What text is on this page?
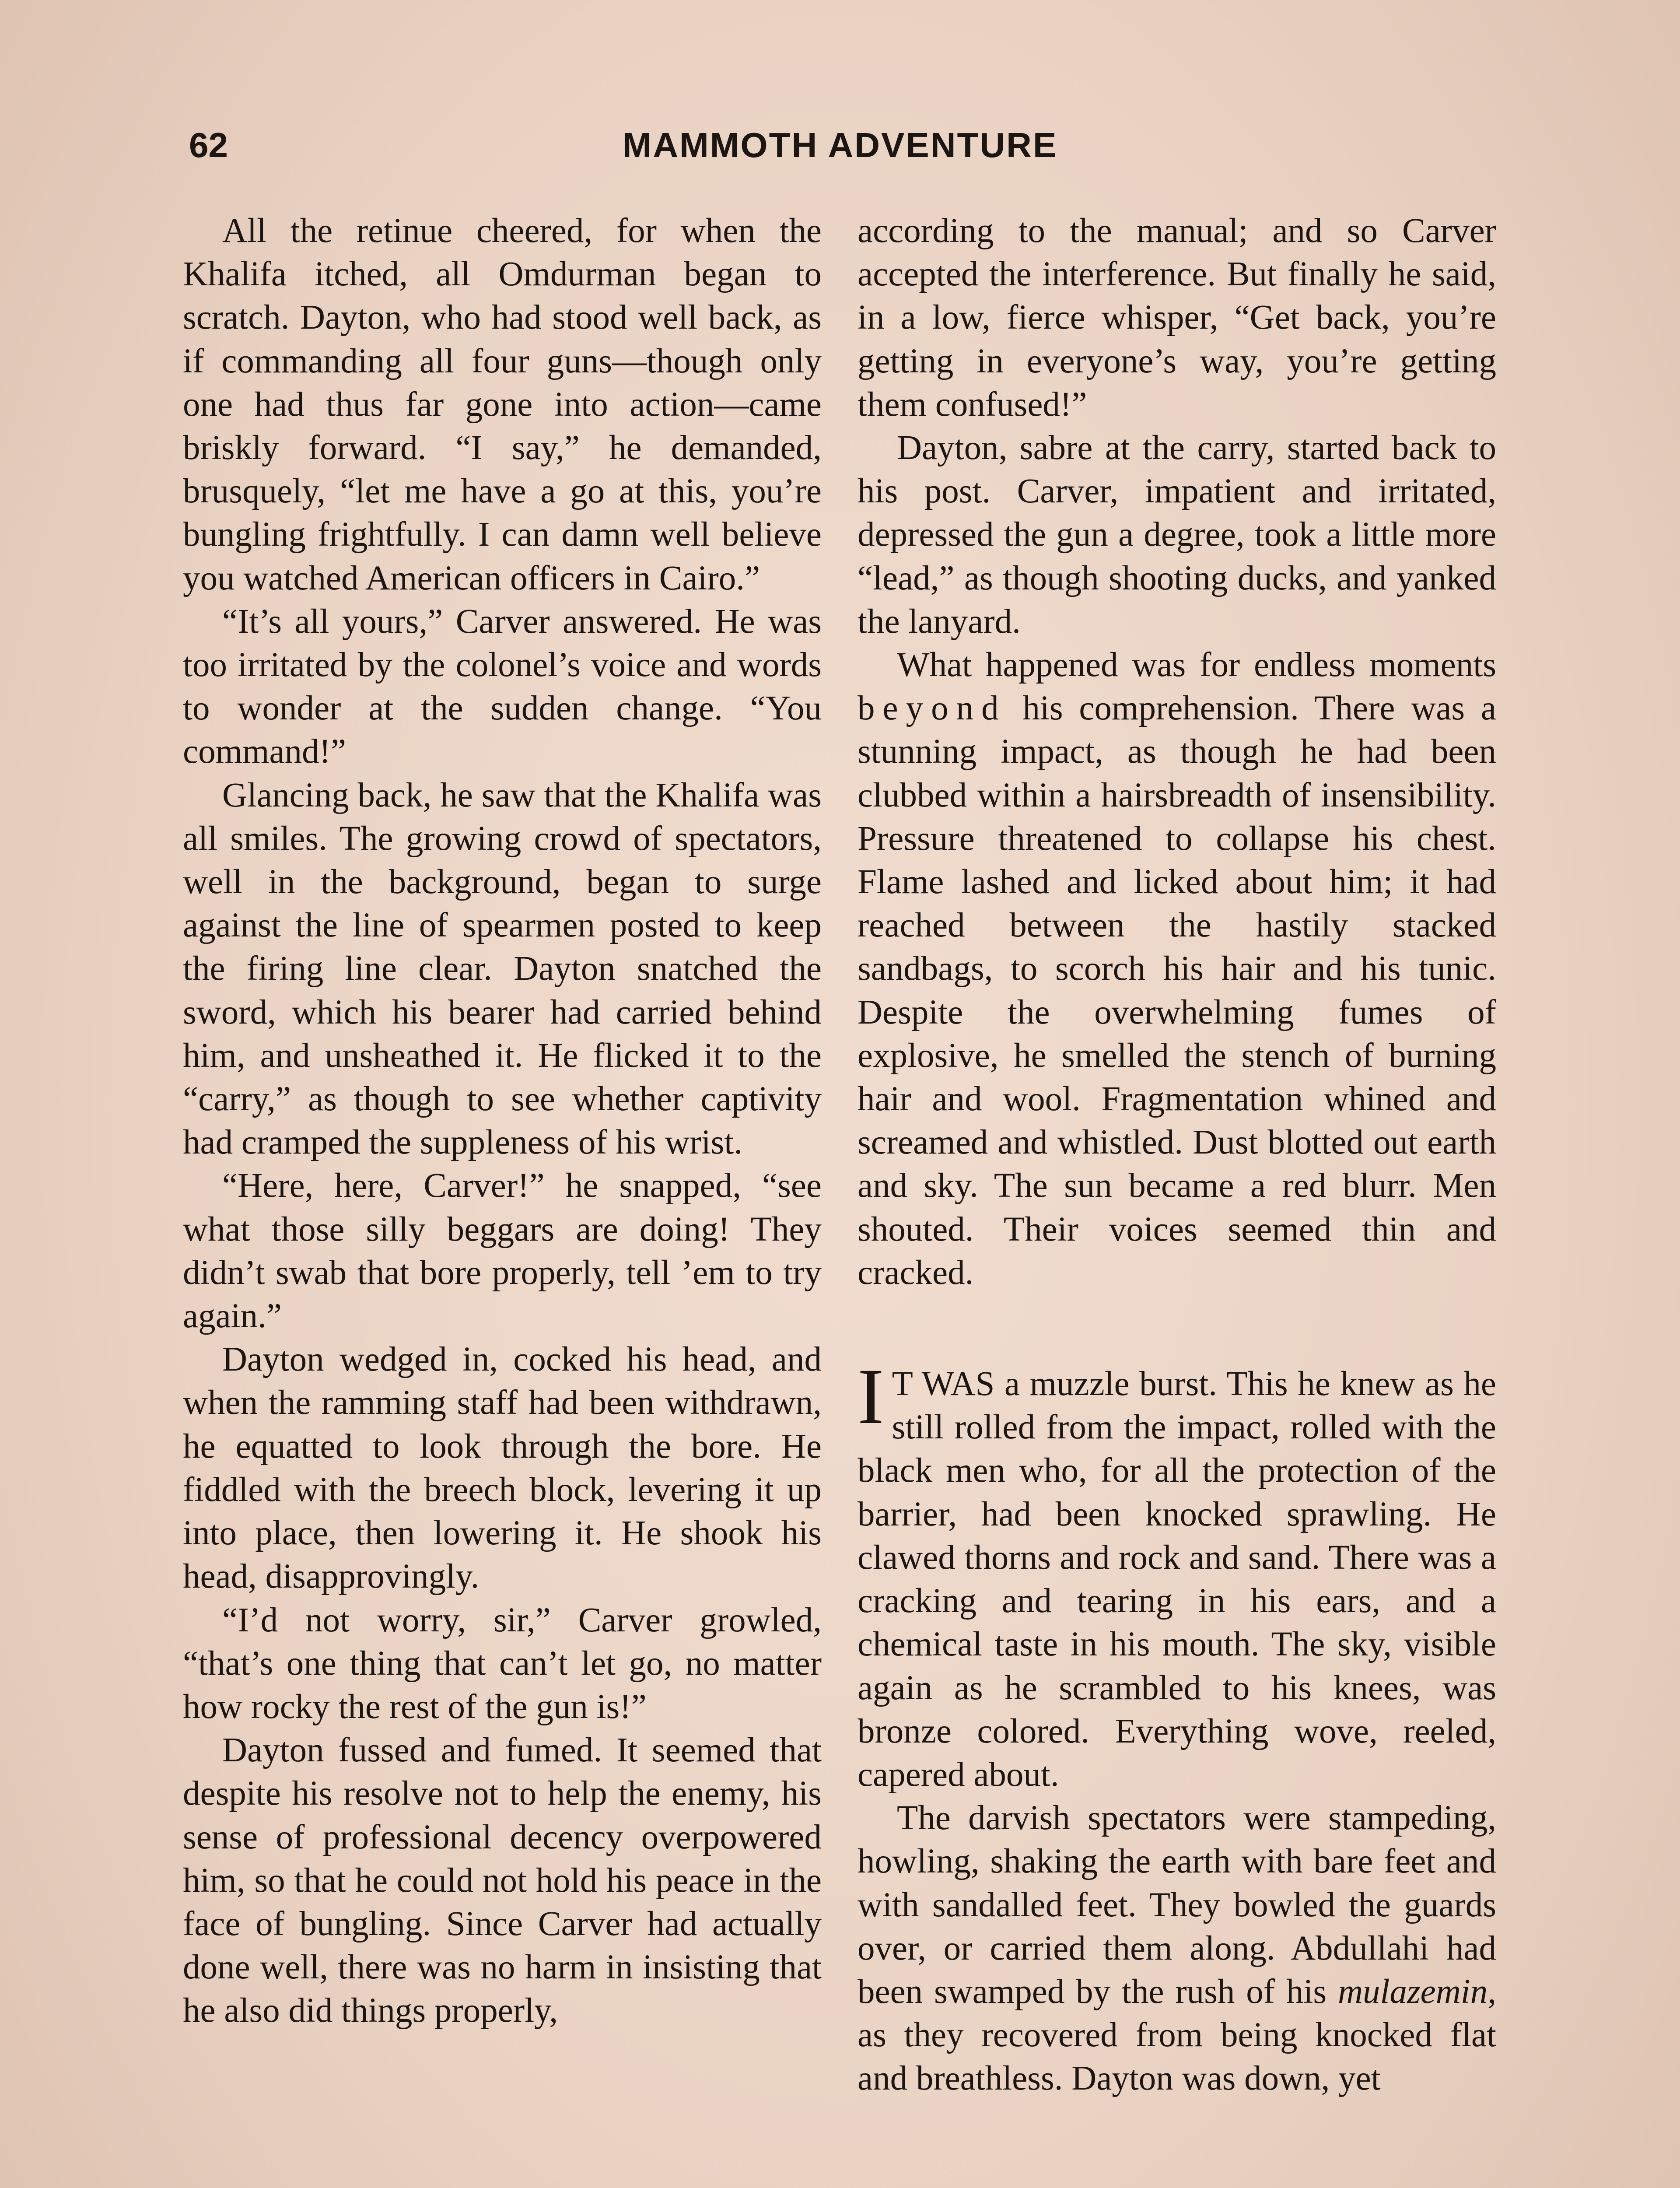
62	MAMMOTH ADVENTURE

All the retinue cheered, for when the Khalifa itched, all Omdurman began to scratch. Dayton, who had stood well back, as if commanding all four guns—though only one had thus far gone into action—came briskly forward. “I say,” he demanded, brusquely, “let me have a go at this, you’re bungling frightfully. I can damn well believe you watched American officers in Cairo.”

“It’s all yours,” Carver answered. He was too irritated by the colonel’s voice and words to wonder at the sudden change. “You command!”

Glancing back, he saw that the Khalifa was all smiles. The growing crowd of spectators, well in the background, began to surge against the line of spearmen posted to keep the firing line clear. Dayton snatched the sword, which his bearer had carried behind him, and unsheathed it. He flicked it to the “carry,” as though to see whether captivity had cramped the suppleness of his wrist.

“Here, here, Carver!” he snapped, “see what those silly beggars are doing! They didn’t swab that bore properly, tell ’em to try again.”

Dayton wedged in, cocked his head, and when the ramming staff had been withdrawn, he equatted to look through the bore. He fiddled with the breech block, levering it up into place, then lowering it. He shook his head, disapprovingly.

“I’d not worry, sir,” Carver growled, “that’s one thing that can’t let go, no matter how rocky the rest of the gun is!”

Dayton fussed and fumed. It seemed that despite his resolve not to help the enemy, his sense of professional decency overpowered him, so that he could not hold his peace in the face of bungling. Since Carver had actually done well, there was no harm in insisting that he also did things properly,

according to the manual; and so Carver accepted the interference. But finally he said, in a low, fierce whisper, “Get back, you’re getting in everyone’s way, you’re getting them confused!”

Dayton, sabre at the carry, started back to his post. Carver, impatient and irritated, depressed the gun a degree, took a little more “lead,” as though shooting ducks, and yanked the lanyard.

What happened was for endless moments beyond his comprehension. There was a stunning impact, as though he had been clubbed within a hairsbreadth of insensibility. Pressure threatened to collapse his chest. Flame lashed and licked about him; it had reached between the hastily stacked sandbags, to scorch his hair and his tunic. Despite the overwhelming fumes of explosive, he smelled the stench of burning hair and wool. Fragmentation whined and screamed and whistled. Dust blotted out earth and sky. The sun became a red blurr. Men shouted. Their voices seemed thin and cracked.

I T WAS a muzzle burst. This he knew as he still rolled from the impact, rolled with the black men who, for all the protection of the barrier, had been knocked sprawling. He clawed thorns and rock and sand. There was a cracking and tearing in his ears, and a chemical taste in his mouth. The sky, visible again as he scrambled to his knees, was bronze colored. Everything wove, reeled, capered about.

The darvish spectators were stampeding, howling, shaking the earth with bare feet and with sandalled feet. They bowled the guards over, or carried them along. Abdullahi had been swamped by the rush of his mulazemin, as they recovered from being knocked flat and breathless. Dayton was down, yet
